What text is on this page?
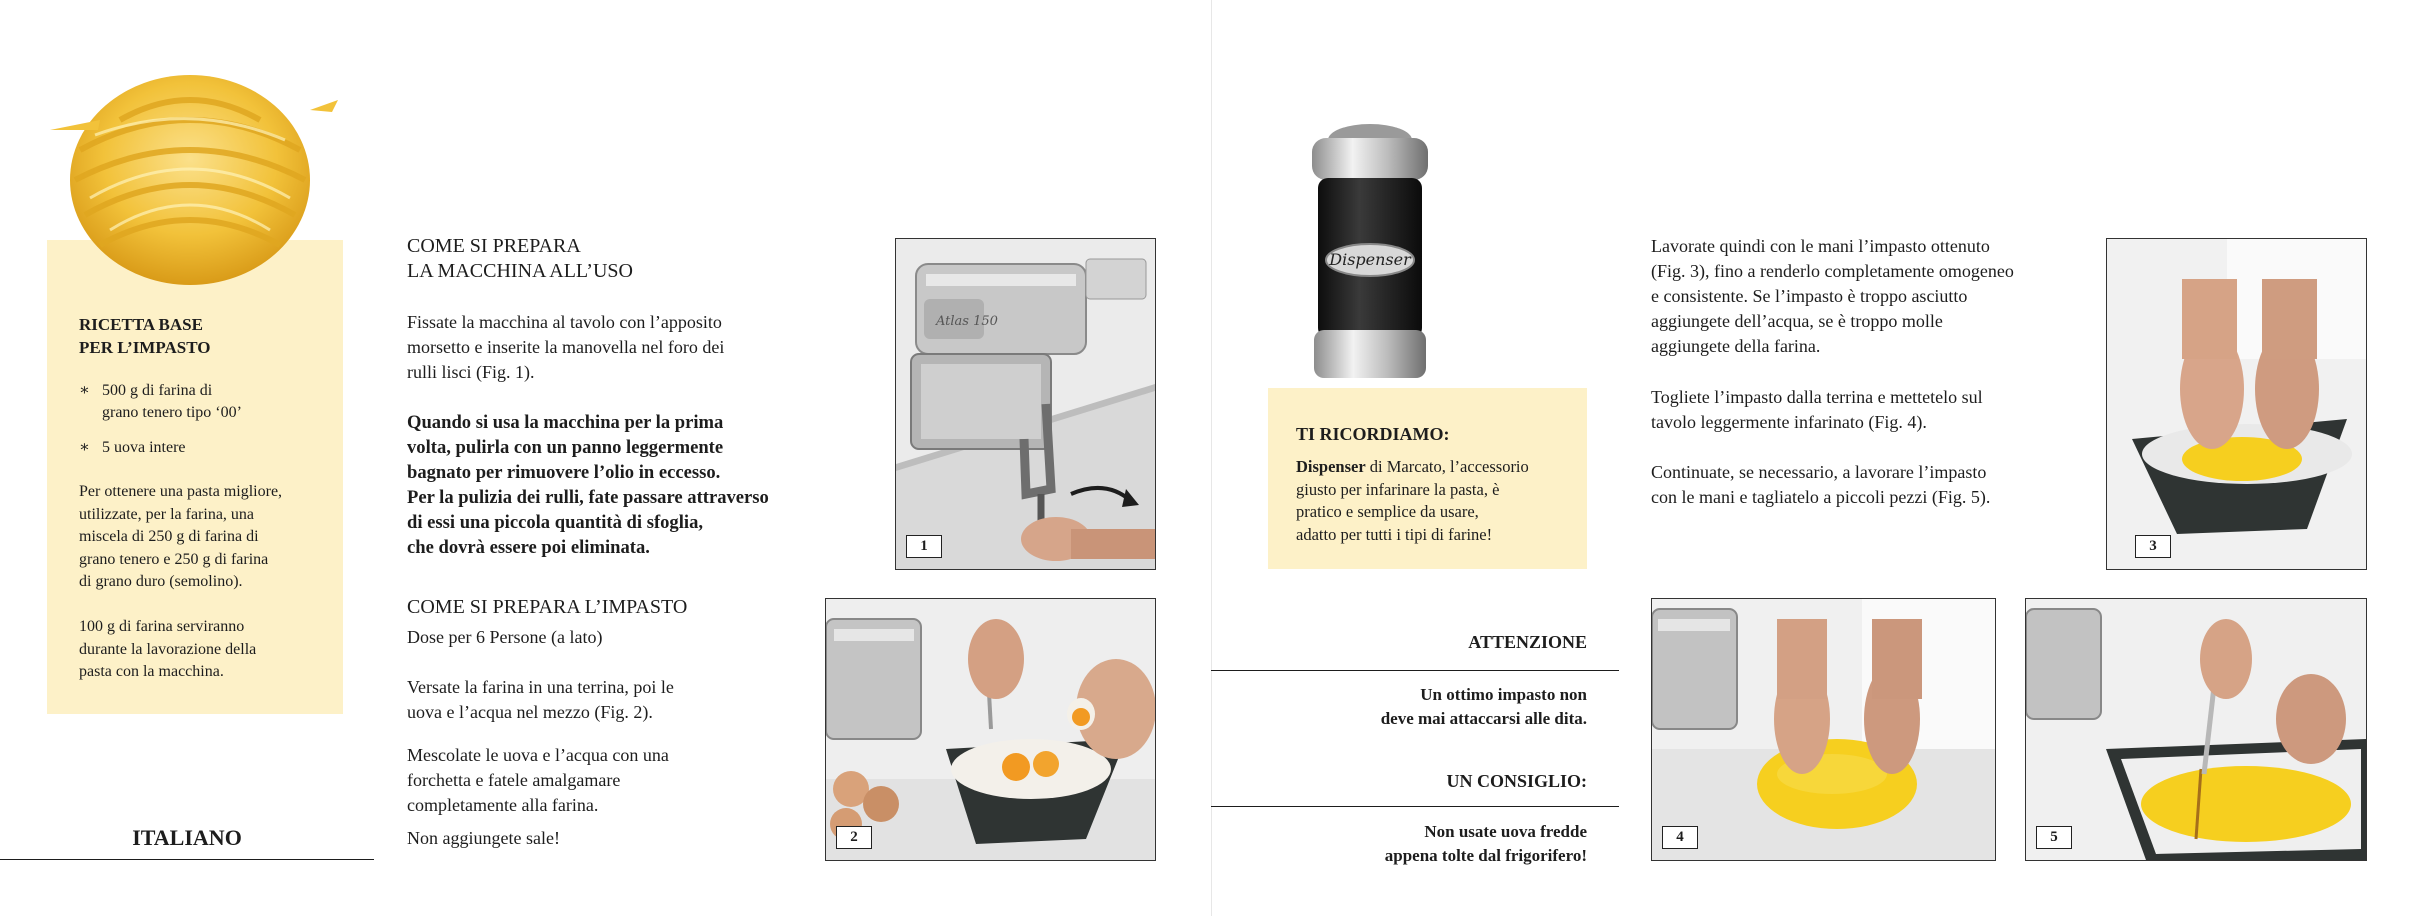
RICETTA BASE
PER L’IMPASTO
∗ 500 g di farina di
grano tenero tipo ‘00’
∗ 5 uova intere
Per ottenere una pasta migliore,
utilizzate, per la farina, una
miscela di 250 g di farina di
grano tenero e 250 g di farina
di grano duro (semolino).
100 g di farina serviranno
durante la lavorazione della
pasta con la macchina.
ITALIANO
COME SI PREPARA
LA MACCHINA ALL’USO
Fissate la macchina al tavolo con l’apposito
morsetto e inserite la manovella nel foro dei
rulli lisci (Fig. 1).
Quando si usa la macchina per la prima
volta, pulirla con un panno leggermente
bagnato per rimuovere l’olio in eccesso.
Per la pulizia dei rulli, fate passare attraverso
di essi una piccola quantità di sfoglia,
che dovrà essere poi eliminata.
COME SI PREPARA L’IMPASTO
Dose per 6 Persone (a lato)
Versate la farina in una terrina, poi le
uova e l’acqua nel mezzo (Fig. 2).
Mescolate le uova e l’acqua con una
forchetta e fatele amalgamare
completamente alla farina.
Non aggiungete sale!
Atlas 150
1
2
Dispenser
TI RICORDIAMO:
Dispenser di Marcato, l’accessorio
giusto per infarinare la pasta, è
pratico e semplice da usare,
adatto per tutti i tipi di farine!
ATTENZIONE
Un ottimo impasto non
deve mai attaccarsi alle dita.
UN CONSIGLIO:
Non usate uova fredde
appena tolte dal frigorifero!
Lavorate quindi con le mani l’impasto ottenuto
(Fig. 3), fino a renderlo completamente omogeneo
e consistente. Se l’impasto è troppo asciutto
aggiungete dell’acqua, se è troppo molle
aggiungete della farina.
Togliete l’impasto dalla terrina e mettetelo sul
tavolo leggermente infarinato (Fig. 4).
Continuate, se necessario, a lavorare l’impasto
con le mani e tagliatelo a piccoli pezzi (Fig. 5).
3
4	5
